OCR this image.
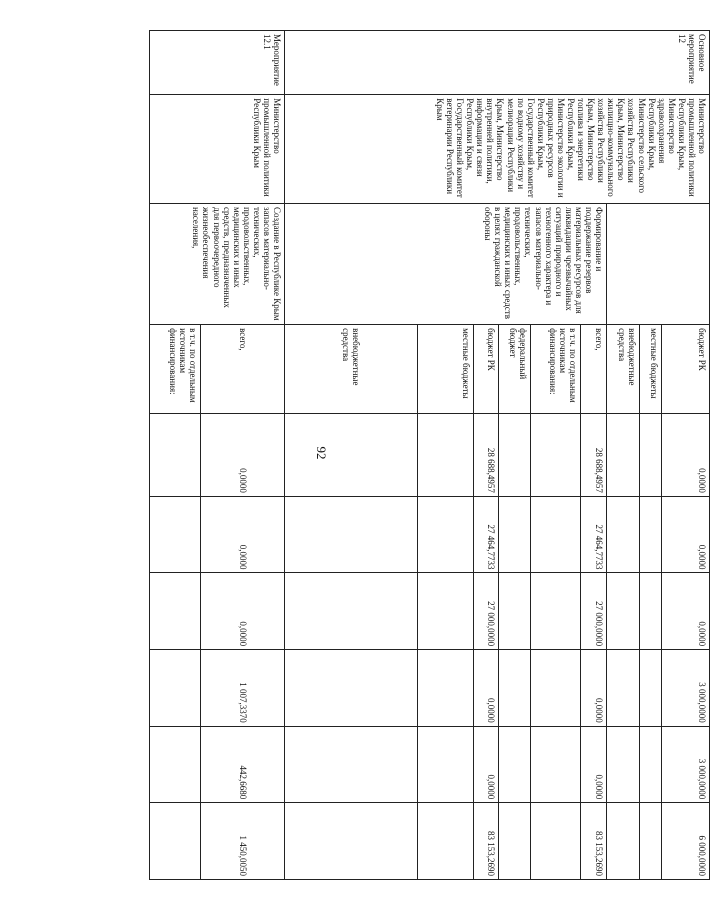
92
Основное мероприятие 12	Министерство промышленной политики Республики Крым, Министерство здравоохранения Республики Крым, Министерство сельского хозяйства Республики Крым, Министерство жилищно-коммунального хозяйства Республики Крым, Министерство топлива и энергетики Республики Крым, Министерство экологии и природных ресурсов Республики Крым, Государственный комитет по водному хозяйству и мелиорации Республики Крым, Министерство внутренней политики, информации и связи Республики Крым, Государственный комитет ветеринарии Республики Крым		бюджет РК	0,0000	0,0000	0,0000	3 000,0000	3 000,0000	6 000,0000
			местные бюджеты						
			внебюджетные средства						
		Формирование и поддержание резервов материальных ресурсов для ликвидации чрезвычайных ситуаций природного и техногенного характера и запасов материально-технических, продовольственных, медицинских и иных средств в целях гражданской обороны	всего,	28 688,4957	27 464,7733	27 000,0000	0,0000	0,0000	83 153,2690
			в т.ч. по отдельным источникам финансирования:						
			федеральный бюджет						
			бюджет РК	28 688,4957	27 464,7733	27 000,0000	0,0000	0,0000	83 153,2690
			местные бюджеты						
			внебюджетные средства						
Мероприятие 12.1	Министерство промышленной политики Республики Крым	Создание в Республике Крым запасов материально-технических, продовольственных, медицинских и иных средств, предназначенных для первоочередного жизнеобеспечения населения,	всего,	0,0000	0,0000	0,0000	1 007,3370	442,6680	1 450,0050
			в т.ч. по отдельным источникам финансирования:						
